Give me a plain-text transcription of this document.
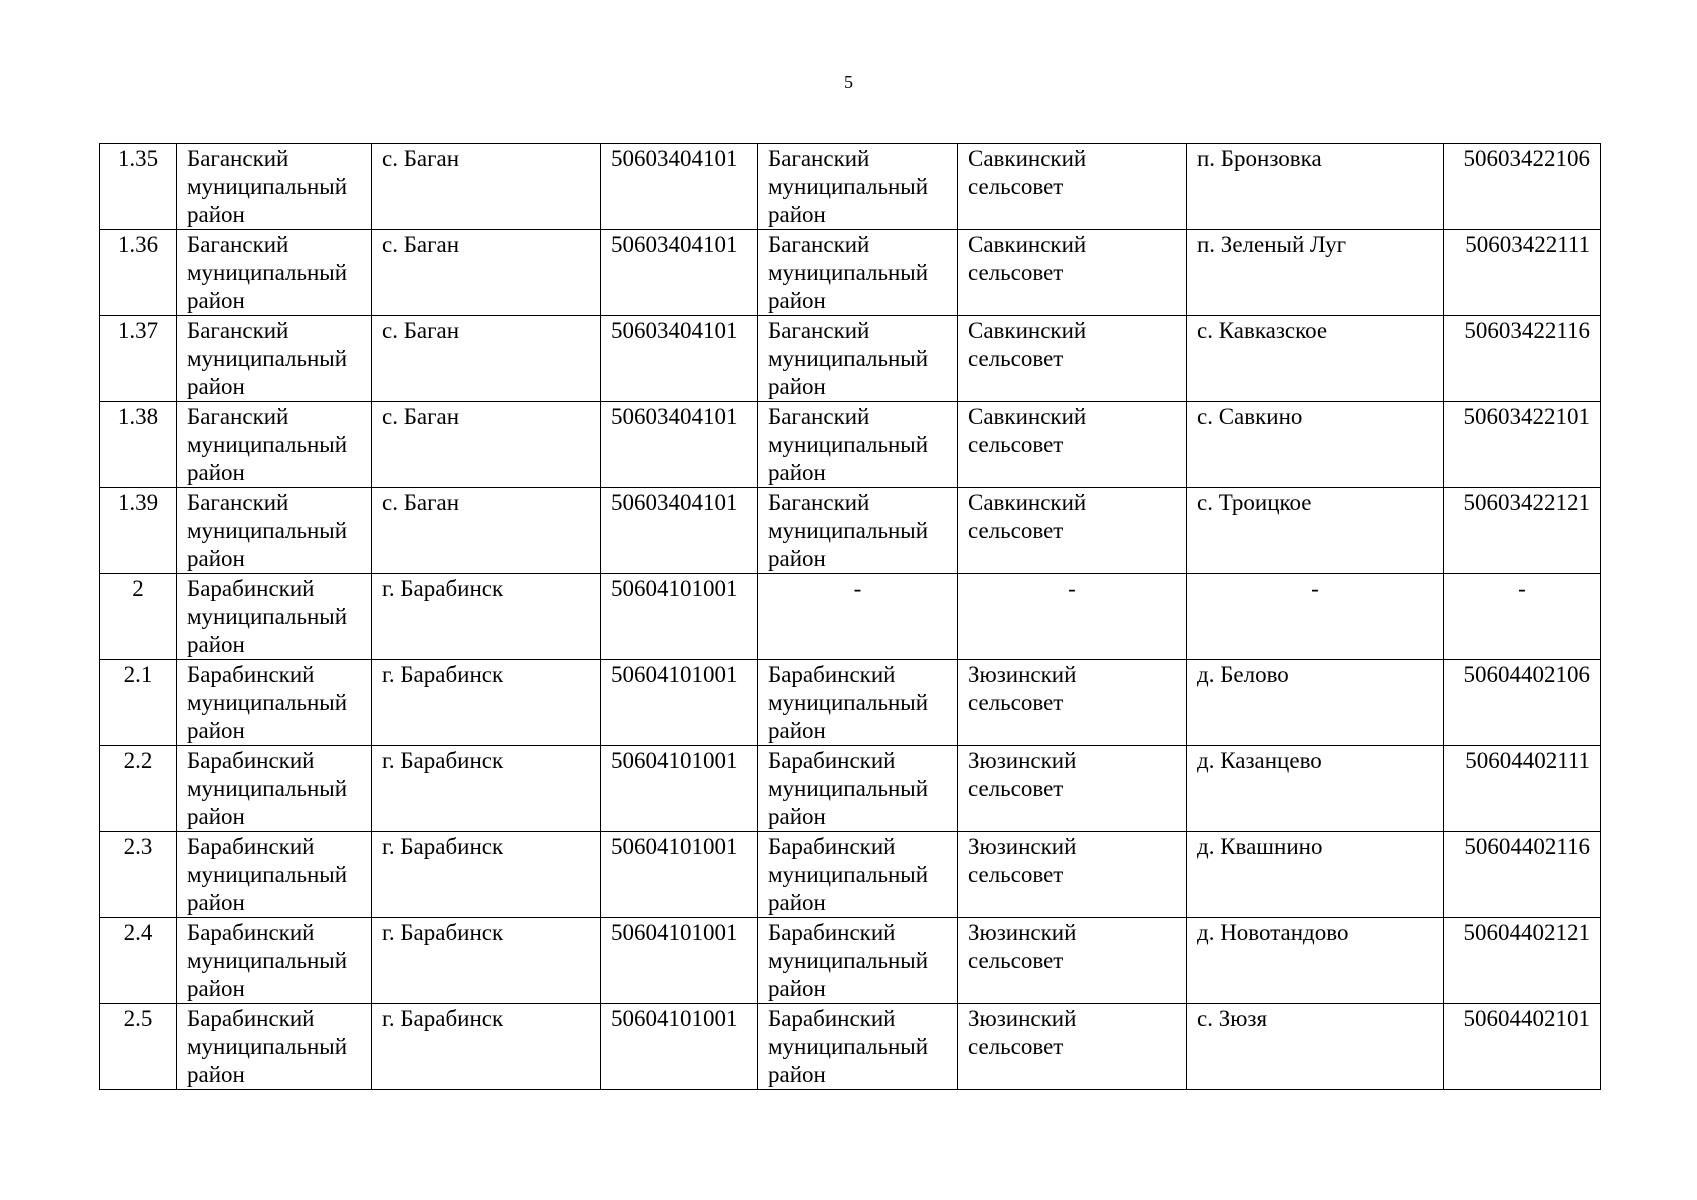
5
1.35	Баганский муниципальный район	с. Баган	50603404101	Баганский муниципальный район	Савкинский сельсовет	п. Бронзовка	50603422106
1.36	Баганский муниципальный район	с. Баган	50603404101	Баганский муниципальный район	Савкинский сельсовет	п. Зеленый Луг	50603422111
1.37	Баганский муниципальный район	с. Баган	50603404101	Баганский муниципальный район	Савкинский сельсовет	с. Кавказское	50603422116
1.38	Баганский муниципальный район	с. Баган	50603404101	Баганский муниципальный район	Савкинский сельсовет	с. Савкино	50603422101
1.39	Баганский муниципальный район	с. Баган	50603404101	Баганский муниципальный район	Савкинский сельсовет	с. Троицкое	50603422121
2	Барабинский муниципальный район	г. Барабинск	50604101001	-	-	-	-
2.1	Барабинский муниципальный район	г. Барабинск	50604101001	Барабинский муниципальный район	Зюзинский сельсовет	д. Белово	50604402106
2.2	Барабинский муниципальный район	г. Барабинск	50604101001	Барабинский муниципальный район	Зюзинский сельсовет	д. Казанцево	50604402111
2.3	Барабинский муниципальный район	г. Барабинск	50604101001	Барабинский муниципальный район	Зюзинский сельсовет	д. Квашнино	50604402116
2.4	Барабинский муниципальный район	г. Барабинск	50604101001	Барабинский муниципальный район	Зюзинский сельсовет	д. Новотандово	50604402121
2.5	Барабинский муниципальный район	г. Барабинск	50604101001	Барабинский муниципальный район	Зюзинский сельсовет	с. Зюзя	50604402101
